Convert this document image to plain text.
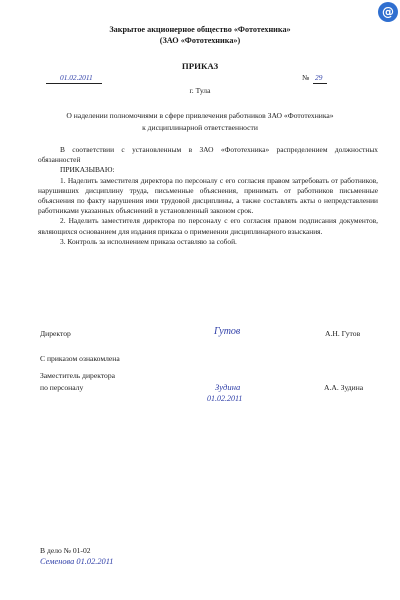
@
Закрытое акционерное общество «Фототехника»
(ЗАО «Фототехника»)
ПРИКАЗ
01.02.2011	№ 29
г. Тула
О наделении полномочиями в сфере привлечения работников ЗАО «Фототехника»
к дисциплинарной ответственности

В соответствии с установленным в ЗАО «Фототехника» распределением должностных обязанностей

ПРИКАЗЫВАЮ:

1. Наделить заместителя директора по персоналу с его согласия правом затребовать от работников, нарушивших дисциплину труда, письменные объяснения, принимать от работников письменные объяснения по факту нарушения ими трудовой дисциплины, а также составлять акты о непредставлении работниками указанных объяснений в установленный законом срок.

2. Наделить заместителя директора по персоналу с его согласия правом подписания документов, являющихся основанием для издания приказа о применении дисциплинарного взыскания.

3. Контроль за исполнением приказа оставляю за собой.

Директор	Гутов	А.Н. Гутов
С приказом ознакомлена
Заместитель директора
по персоналу	Зудина
01.02.2011
А.А. Зудина
В дело № 01-02
Семенова 01.02.2011
